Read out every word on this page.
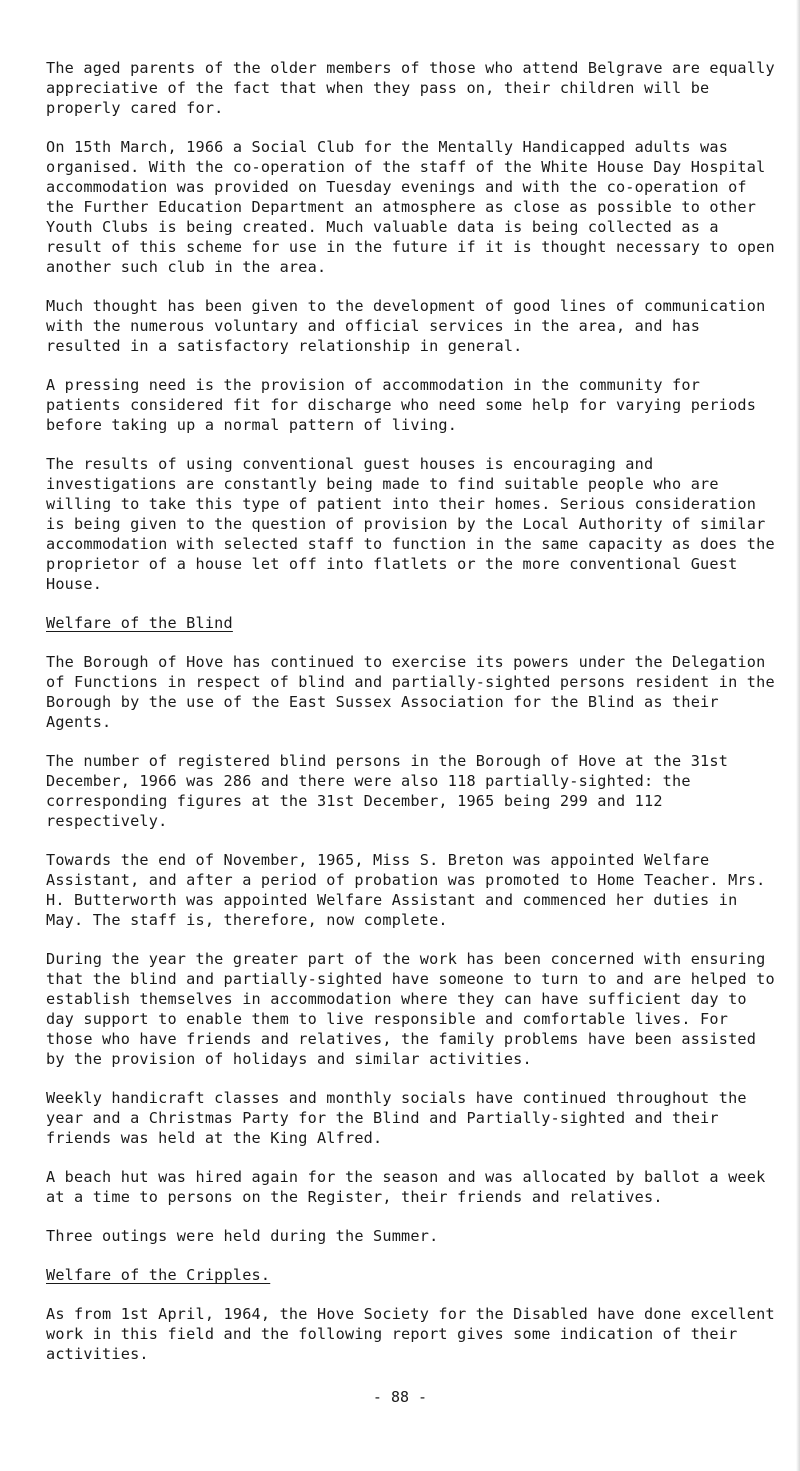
The aged parents of the older members of those who attend Belgrave are equally appreciative of the fact that when they pass on, their children will be properly cared for.

On 15th March, 1966 a Social Club for the Mentally Handicapped adults was organised. With the co-operation of the staff of the White House Day Hospital accommodation was provided on Tuesday evenings and with the co-operation of the Further Education Department an atmosphere as close as possible to other Youth Clubs is being created. Much valuable data is being collected as a result of this scheme for use in the future if it is thought necessary to open another such club in the area.

Much thought has been given to the development of good lines of communication with the numerous voluntary and official services in the area, and has resulted in a satisfactory relationship in general.

A pressing need is the provision of accommodation in the community for patients considered fit for discharge who need some help for varying periods before taking up a normal pattern of living.

The results of using conventional guest houses is encouraging and investigations are constantly being made to find suitable people who are willing to take this type of patient into their homes. Serious consideration is being given to the question of provision by the Local Authority of similar accommodation with selected staff to function in the same capacity as does the proprietor of a house let off into flatlets or the more conventional Guest House.

Welfare of the Blind

The Borough of Hove has continued to exercise its powers under the Delegation of Functions in respect of blind and partially-sighted persons resident in the Borough by the use of the East Sussex Association for the Blind as their Agents.

The number of registered blind persons in the Borough of Hove at the 31st December, 1966 was 286 and there were also 118 partially-sighted: the corresponding figures at the 31st December, 1965 being 299 and 112 respectively.

Towards the end of November, 1965, Miss S. Breton was appointed Welfare Assistant, and after a period of probation was promoted to Home Teacher. Mrs. H. Butterworth was appointed Welfare Assistant and commenced her duties in May. The staff is, therefore, now complete.

During the year the greater part of the work has been concerned with ensuring that the blind and partially-sighted have someone to turn to and are helped to establish themselves in accommodation where they can have sufficient day to day support to enable them to live responsible and comfortable lives. For those who have friends and relatives, the family problems have been assisted by the provision of holidays and similar activities.

Weekly handicraft classes and monthly socials have continued throughout the year and a Christmas Party for the Blind and Partially-sighted and their friends was held at the King Alfred.

A beach hut was hired again for the season and was allocated by ballot a week at a time to persons on the Register, their friends and relatives.

Three outings were held during the Summer.

Welfare of the Cripples.

As from 1st April, 1964, the Hove Society for the Disabled have done excellent work in this field and the following report gives some indication of their activities.

- 88 -
